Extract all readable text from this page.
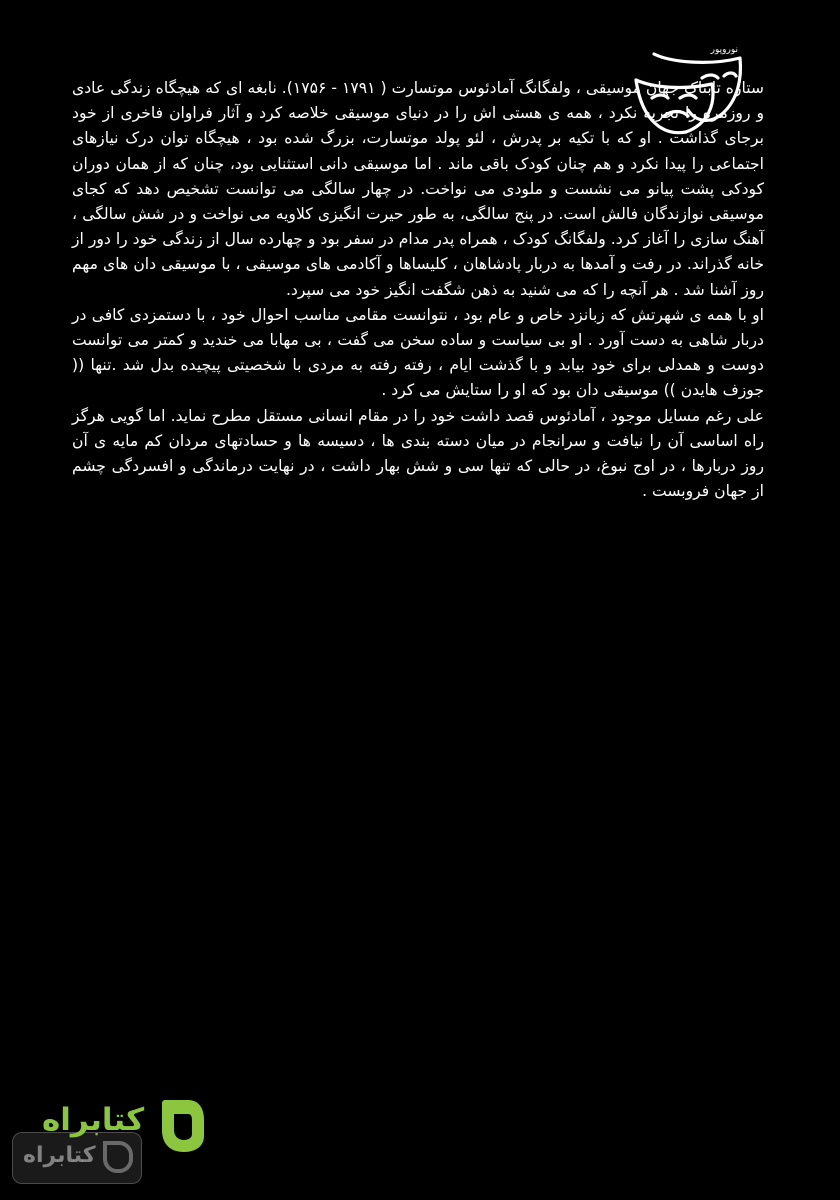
نوروپور

ستاره تابناک جهان موسیقی ، ولفگانگ آمادئوس موتسارت ( ۱۷۹۱ - ۱۷۵۶). نابغه ای که هیچگاه زندگی عادی و روزمره را تجربه نکرد ، همه ی هستی اش را در دنیای موسیقی خلاصه کرد و آثار فراوان فاخری از خود برجای گذاشت . او که با تکیه بر پدرش ، لئو پولد موتسارت، بزرگ شده بود ، هیچگاه توان درک نیازهای اجتماعی را پیدا نکرد و هم چنان کودک باقی ماند . اما موسیقی دانی استثنایی بود، چنان که از همان دوران کودکی پشت پیانو می نشست و ملودی می نواخت. در چهار سالگی می توانست تشخیص دهد که کجای موسیقی نوازندگان فالش است. در پنج سالگی، به طور حیرت انگیزی کلاویه می نواخت و در شش سالگی ، آهنگ سازی را آغاز کرد. ولفگانگ کودک ، همراه پدر مدام در سفر بود و چهارده سال از زندگی خود را دور از خانه گذراند. در رفت و آمدها به دربار پادشاهان ، کلیساها و آکادمی های موسیقی ، با موسیقی دان های مهم روز آشنا شد . هر آنچه را که می شنید به ذهن شگفت انگیز خود می سپرد.

او با همه ی شهرتش که زبانزد خاص و عام بود ، نتوانست مقامی مناسب احوال خود ، با دستمزدی کافی در دربار شاهی به دست آورد . او بی سیاست و ساده سخن می گفت ، بی مهابا می خندید و کمتر می توانست دوست و همدلی برای خود بیابد و با گذشت ایام ، رفته رفته به مردی با شخصیتی پیچیده بدل شد .تنها (( جوزف هایدن )) موسیقی دان بود که او را ستایش می کرد .

علی رغم مسایل موجود ، آمادئوس قصد داشت خود را در مقام انسانی مستقل مطرح نماید. اما گویی هرگز راه اساسی آن را نیافت و سرانجام در میان دسته بندی ها ، دسیسه ها و حسادتهای مردان کم مایه ی آن روز دربارها ، در اوج نبوغ، در حالی که تنها سی و شش بهار داشت ، در نهایت درماندگی و افسردگی چشم از جهان فروبست .

کتابراه
کتابراه
